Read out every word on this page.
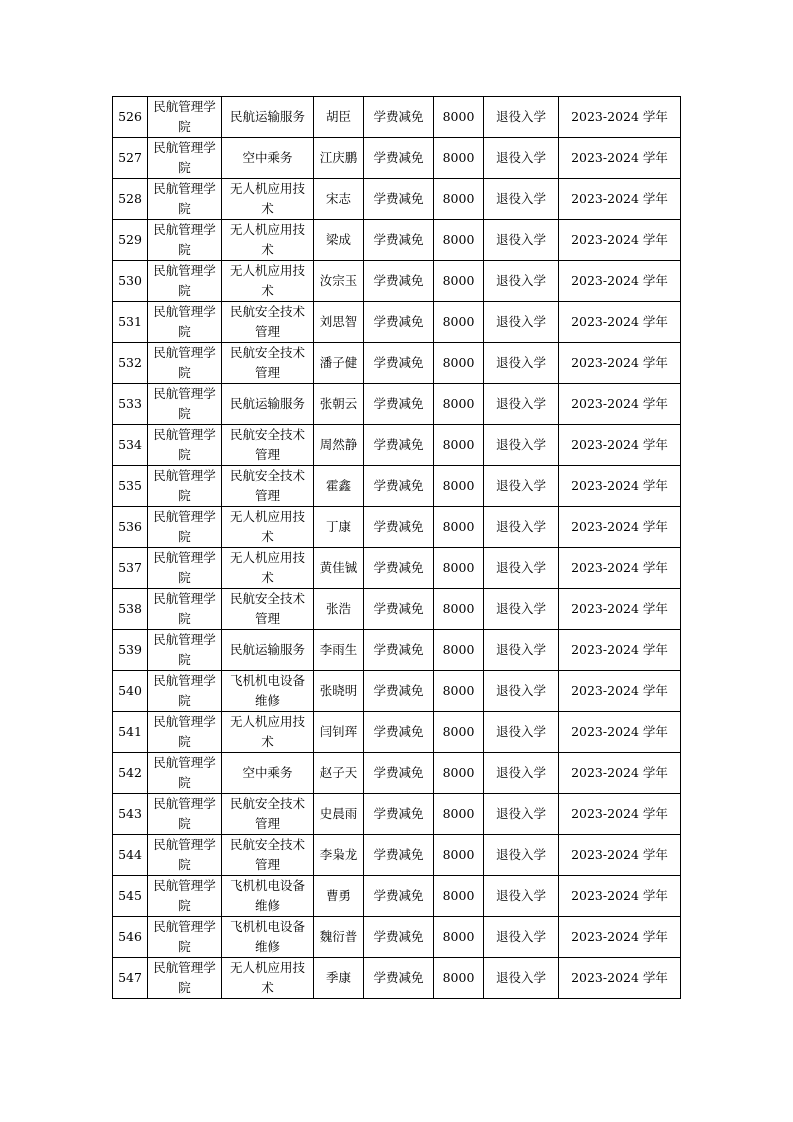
526	民航管理学院	民航运输服务	胡臣	学费减免	8000	退役入学	2023-2024 学年
527	民航管理学院	空中乘务	江庆鹏	学费减免	8000	退役入学	2023-2024 学年
528	民航管理学院	无人机应用技术	宋志	学费减免	8000	退役入学	2023-2024 学年
529	民航管理学院	无人机应用技术	梁成	学费减免	8000	退役入学	2023-2024 学年
530	民航管理学院	无人机应用技术	汝宗玉	学费减免	8000	退役入学	2023-2024 学年
531	民航管理学院	民航安全技术管理	刘思智	学费减免	8000	退役入学	2023-2024 学年
532	民航管理学院	民航安全技术管理	潘子健	学费减免	8000	退役入学	2023-2024 学年
533	民航管理学院	民航运输服务	张朝云	学费减免	8000	退役入学	2023-2024 学年
534	民航管理学院	民航安全技术管理	周然静	学费减免	8000	退役入学	2023-2024 学年
535	民航管理学院	民航安全技术管理	霍鑫	学费减免	8000	退役入学	2023-2024 学年
536	民航管理学院	无人机应用技术	丁康	学费减免	8000	退役入学	2023-2024 学年
537	民航管理学院	无人机应用技术	黄佳铖	学费减免	8000	退役入学	2023-2024 学年
538	民航管理学院	民航安全技术管理	张浩	学费减免	8000	退役入学	2023-2024 学年
539	民航管理学院	民航运输服务	李雨生	学费减免	8000	退役入学	2023-2024 学年
540	民航管理学院	飞机机电设备维修	张晓明	学费减免	8000	退役入学	2023-2024 学年
541	民航管理学院	无人机应用技术	闫钊珲	学费减免	8000	退役入学	2023-2024 学年
542	民航管理学院	空中乘务	赵子天	学费减免	8000	退役入学	2023-2024 学年
543	民航管理学院	民航安全技术管理	史晨雨	学费减免	8000	退役入学	2023-2024 学年
544	民航管理学院	民航安全技术管理	李枭龙	学费减免	8000	退役入学	2023-2024 学年
545	民航管理学院	飞机机电设备维修	曹勇	学费减免	8000	退役入学	2023-2024 学年
546	民航管理学院	飞机机电设备维修	魏衍普	学费减免	8000	退役入学	2023-2024 学年
547	民航管理学院	无人机应用技术	季康	学费减免	8000	退役入学	2023-2024 学年
